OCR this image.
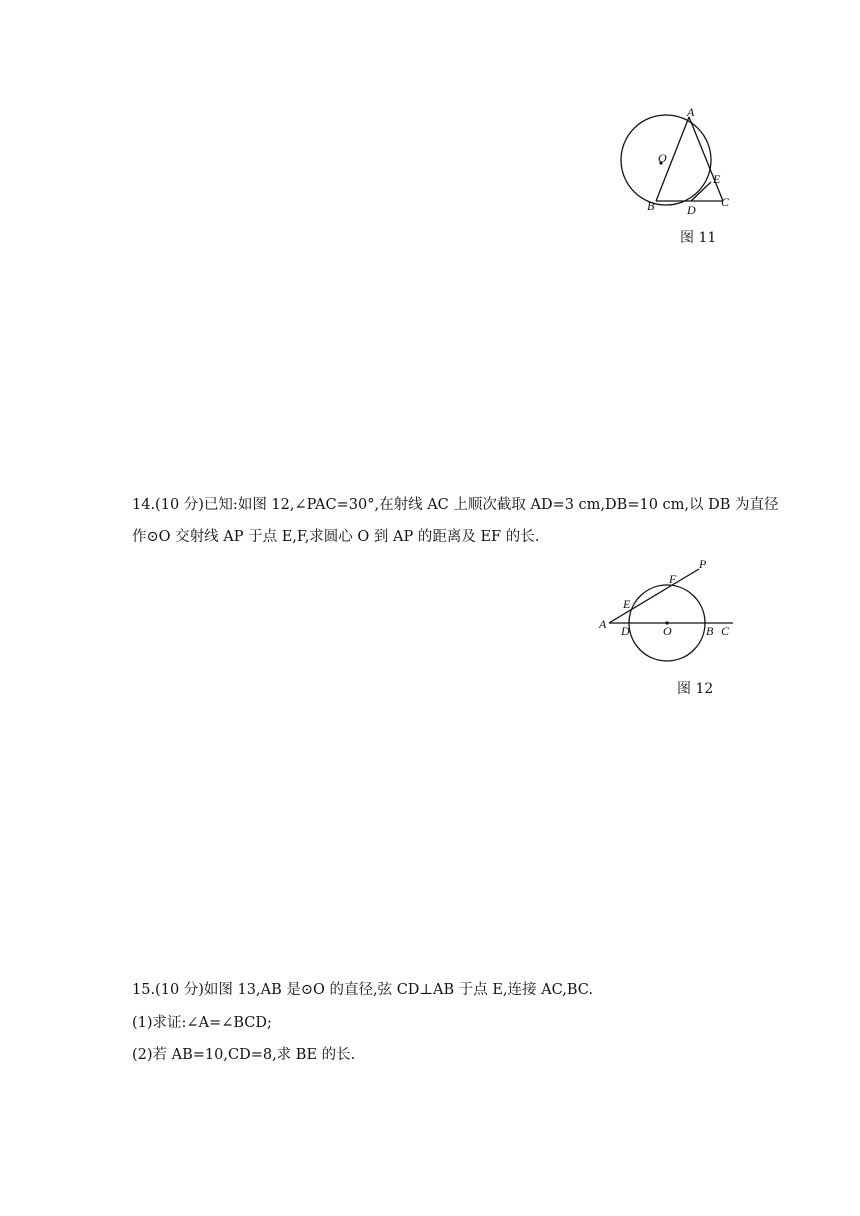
A
O
E
B	D
C
图 11
14.(10 分)已知:如图 12,∠PAC=30°,在射线 AC 上顺次截取 AD=3 cm,DB=10 cm,以 DB 为直径
作⊙O 交射线 AP 于点 E,F,求圆心 O 到 AP 的距离及 EF 的长.
P
F
E
A D	O	B C
图 12
15.(10 分)如图 13,AB 是⊙O 的直径,弦 CD⊥AB 于点 E,连接 AC,BC.
(1)求证:∠A=∠BCD;
(2)若 AB=10,CD=8,求 BE 的长.
